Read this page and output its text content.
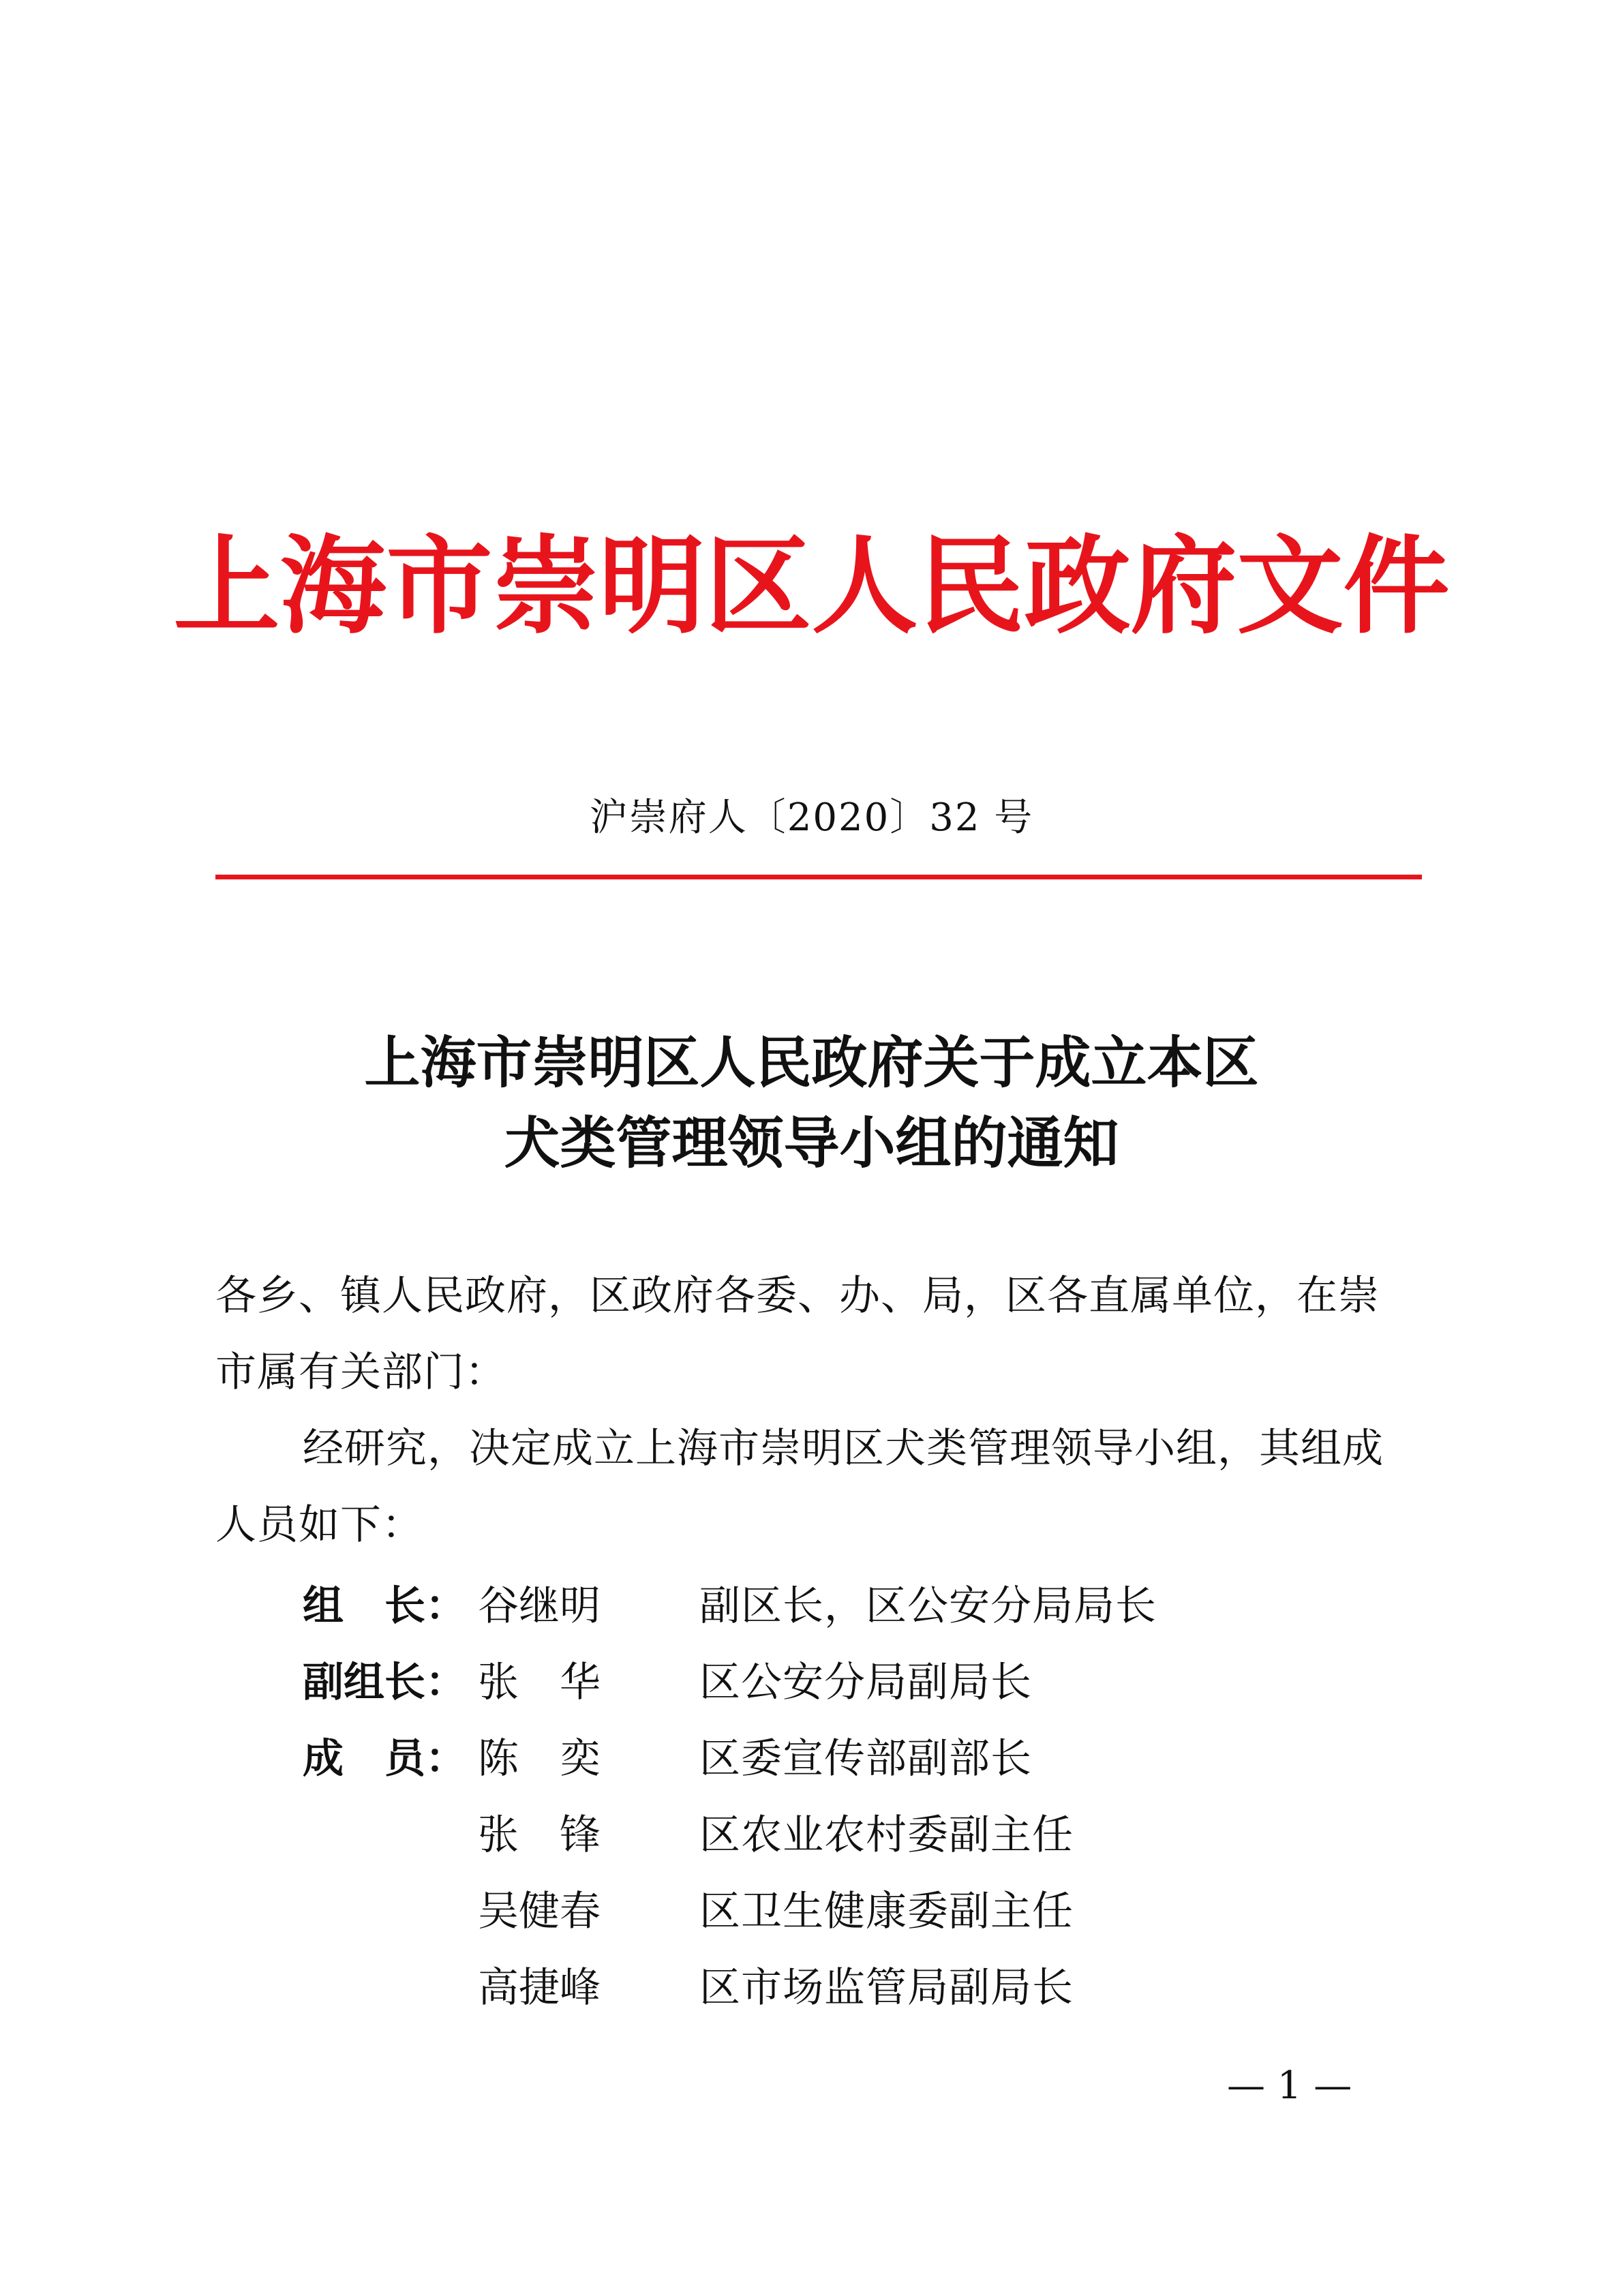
上海市崇明区人民政府文件
沪崇府人〔2020〕32 号
上海市崇明区人民政府关于成立本区
犬类管理领导小组的通知
各乡、镇人民政府，区政府各委、办、局，区各直属单位，在崇
市属有关部门：
经研究，决定成立上海市崇明区犬类管理领导小组，其组成
人员如下：
组　长： 谷继明 副区长，区公安分局局长
副组长： 张　华 区公安分局副局长
成　员： 陈　奕 区委宣传部副部长
张　锋 区农业农村委副主任
吴健春 区卫生健康委副主任
高捷峰 区市场监管局副局长
— 1 —
